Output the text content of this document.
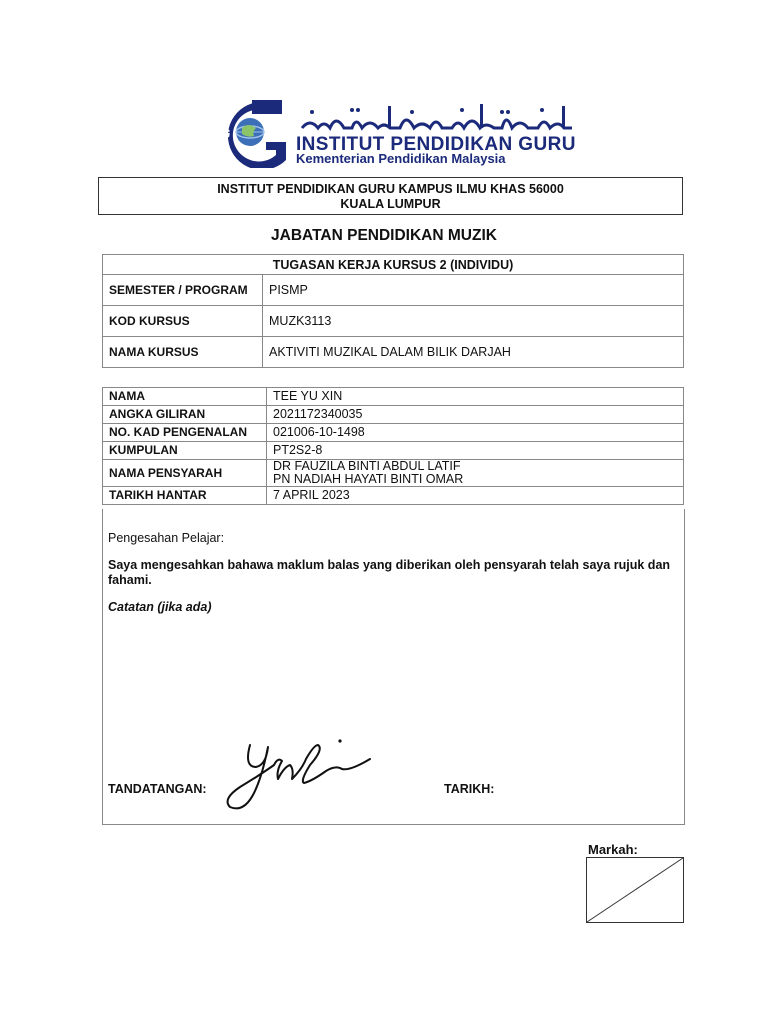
IPG
INSTITUT PENDIDIKAN GURU
Kementerian Pendidikan Malaysia
INSTITUT PENDIDIKAN GURU KAMPUS ILMU KHAS 56000
KUALA LUMPUR
JABATAN PENDIDIKAN MUZIK
TUGASAN KERJA KURSUS 2 (INDIVIDU)	
SEMESTER / PROGRAM	PISMP
KOD KURSUS	MUZK3113
NAMA KURSUS	AKTIVITI MUZIKAL DALAM BILIK DARJAH
NAMA	TEE YU XIN
ANGKA GILIRAN	2021172340035
NO. KAD PENGENALAN	021006-10-1498
KUMPULAN	PT2S2-8
NAMA PENSYARAH	DR FAUZILA BINTI ABDUL LATIF
PN NADIAH HAYATI BINTI OMAR

TARIKH HANTAR	7 APRIL 2023
Pengesahan Pelajar:
Saya mengesahkan bahawa maklum balas yang diberikan oleh pensyarah telah saya rujuk dan fahami.
Catatan (jika ada)
TANDATANGAN:	TARIKH:
Markah:
